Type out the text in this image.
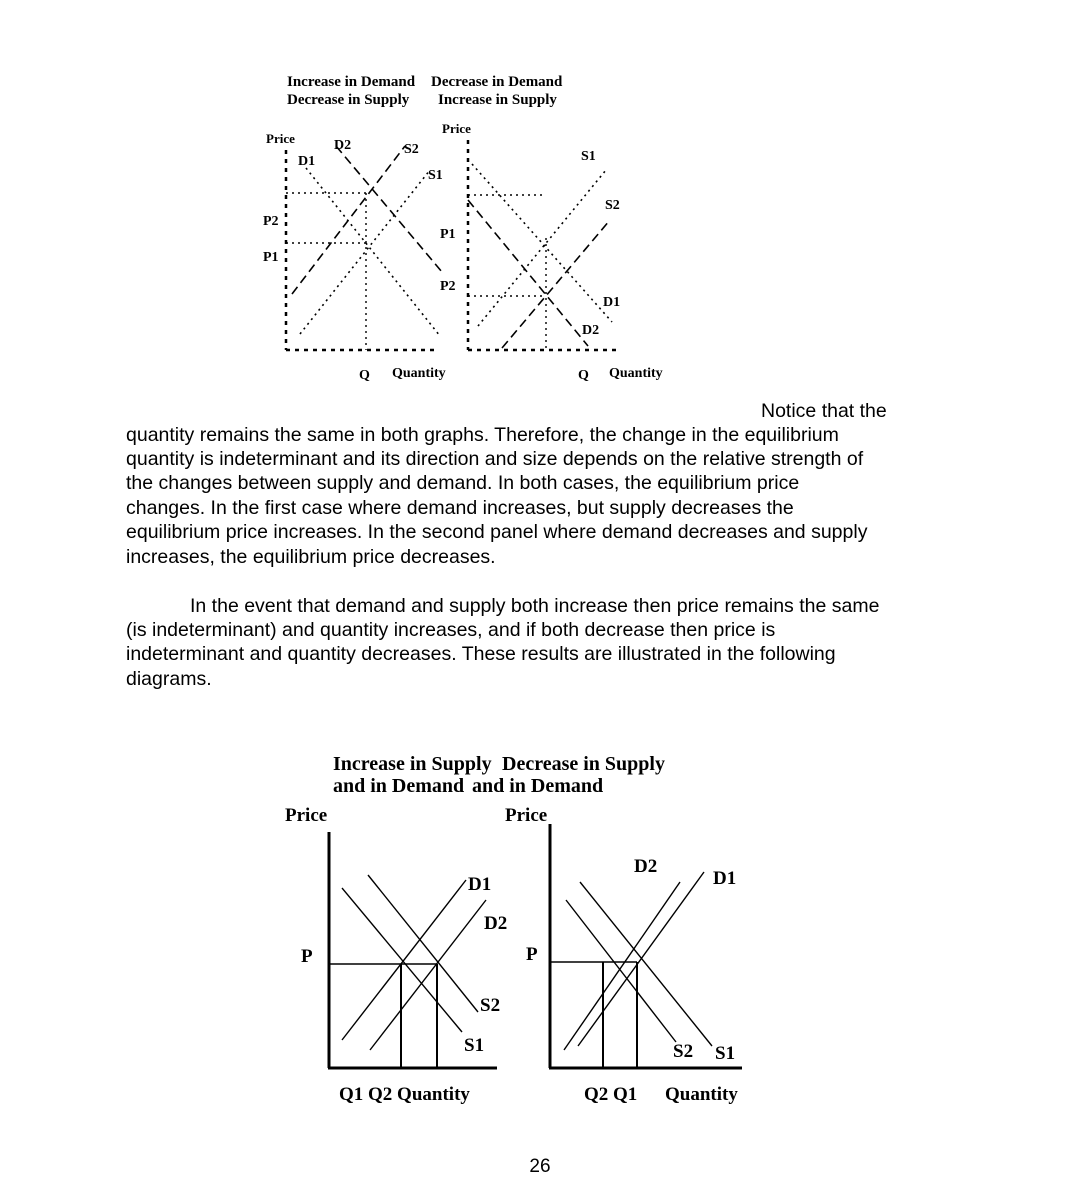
Increase in Demand
Decrease in Supply
Decrease in Demand
Increase in Supply
Price	D2
D1
S2
S1
P2
P1
Q Quantity
Price
P1
P2
S1
S2
D1
D2
Q Quantity
Notice that the
quantity remains the same in both graphs. Therefore, the change in the equilibrium
quantity is indeterminant and its direction and size depends on the relative strength of
the changes between supply and demand. In both cases, the equilibrium price
changes. In the first case where demand increases, but supply decreases the
equilibrium price increases. In the second panel where demand decreases and supply
increases, the equilibrium price decreases.
In the event that demand and supply both increase then price remains the same
(is indeterminant) and quantity increases, and if both decrease then price is
indeterminant and quantity decreases. These results are illustrated in the following
diagrams.
Increase in Supply
and in Demand
Decrease in Supply
and in Demand
Price
P
D1
D2
S2
S1
Q1 Q2 Quantity
Price
P
D2
D1
S2 S1
Q2 Q1 Quantity
26
